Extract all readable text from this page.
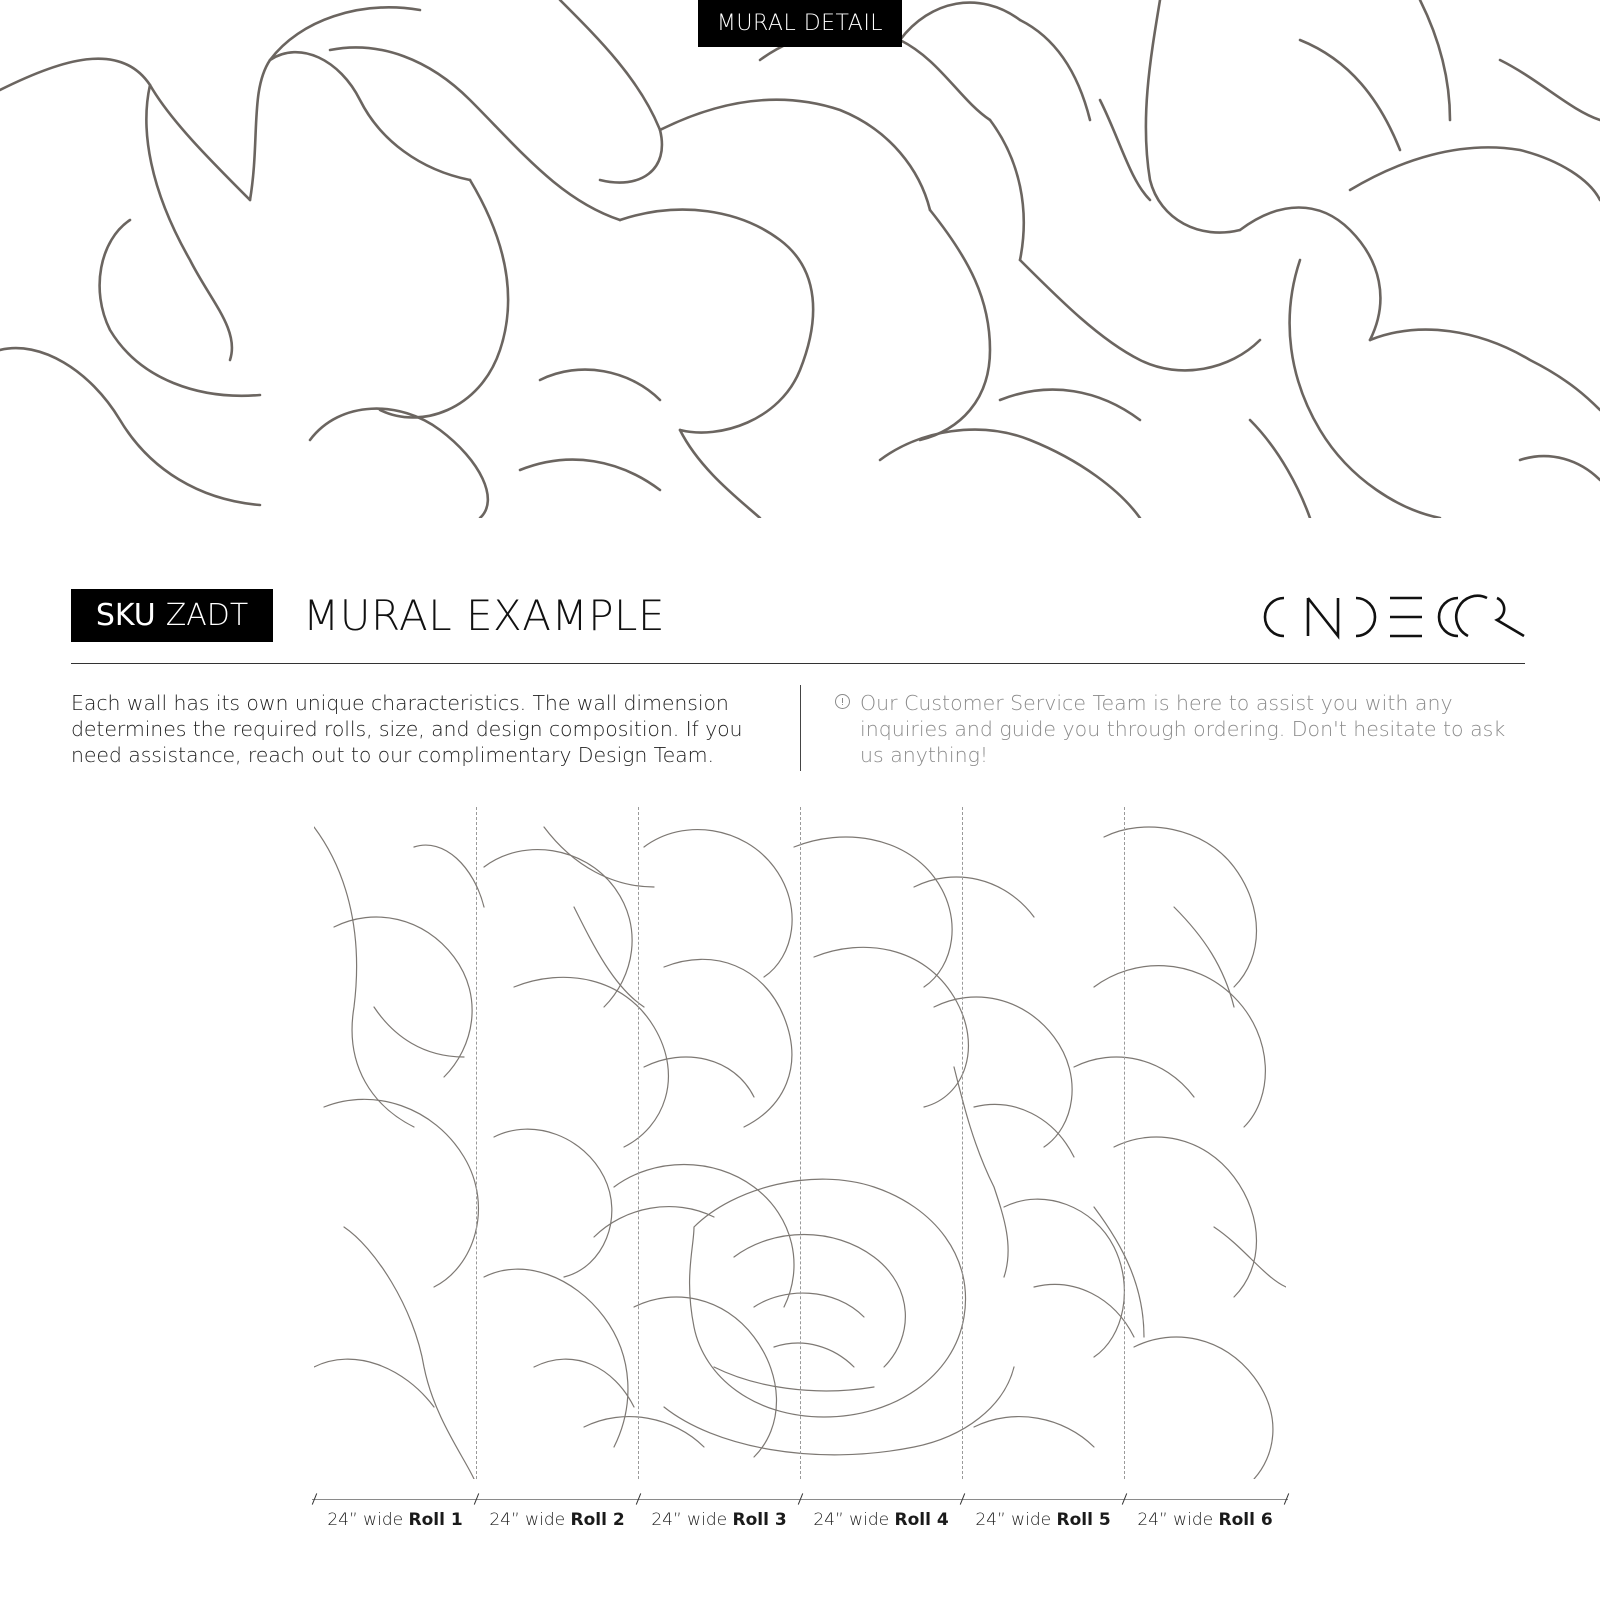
MURAL DETAIL
SKU ZADT MURAL EXAMPLE
Each wall has its own unique characteristics. The wall dimension determines the required rolls, size, and design composition. If you need assistance, reach out to our complimentary Design Team.
Our Customer Service Team is here to assist you with any inquiries and guide you through ordering. Don't hesitate to ask us anything!
24” wide Roll 1	24” wide Roll 2	24” wide Roll 3	24” wide Roll 4	24” wide Roll 5	24” wide Roll 6
